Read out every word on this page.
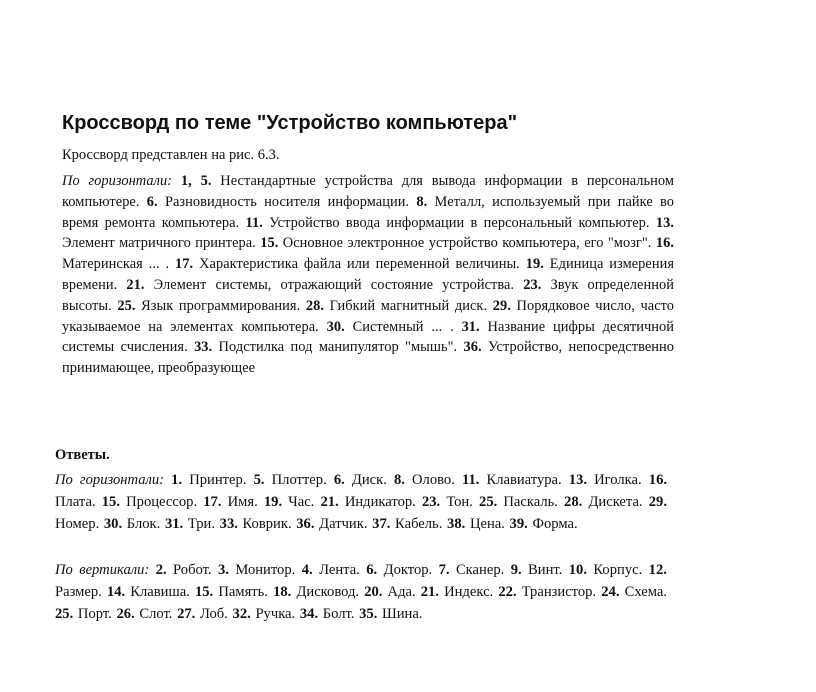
Кроссворд по теме "Устройство компьютера"

Кроссворд представлен на рис. 6.3.

По горизонтали: 1, 5. Нестандартные устройства для вывода информации в персональном компьютере. 6. Разновидность носителя информации. 8. Металл, используемый при пайке во время ремонта компьютера. 11. Устройство ввода информации в персональный компьютер. 13. Элемент матричного принтера. 15. Основное электронное устройство компьютера, его "мозг". 16. Материнская ... . 17. Характеристика файла или переменной величины. 19. Единица измерения времени. 21. Элемент системы, отражающий состояние устройства. 23. Звук определенной высоты. 25. Язык программирования. 28. Гибкий магнитный диск. 29. Порядковое число, часто указываемое на элементах компьютера. 30. Системный ... . 31. Название цифры десятичной системы счисления. 33. Подстилка под манипулятор "мышь". 36. Устройство, непосредственно принимающее, преобразующее

Ответы.

По горизонтали: 1. Принтер. 5. Плоттер. 6. Диск. 8. Олово. 11. Клавиатура. 13. Иголка. 16. Плата. 15. Процессор. 17. Имя. 19. Час. 21. Индикатор. 23. Тон. 25. Паскаль. 28. Дискета. 29. Номер. 30. Блок. 31. Три. 33. Коврик. 36. Датчик. 37. Кабель. 38. Цена. 39. Форма.

По вертикали: 2. Робот. 3. Монитор. 4. Лента. 6. Доктор. 7. Сканер. 9. Винт. 10. Корпус. 12. Размер. 14. Клавиша. 15. Память. 18. Дисковод. 20. Ада. 21. Индекс. 22. Транзистор. 24. Схема. 25. Порт. 26. Слот. 27. Лоб. 32. Ручка. 34. Болт. 35. Шина.
